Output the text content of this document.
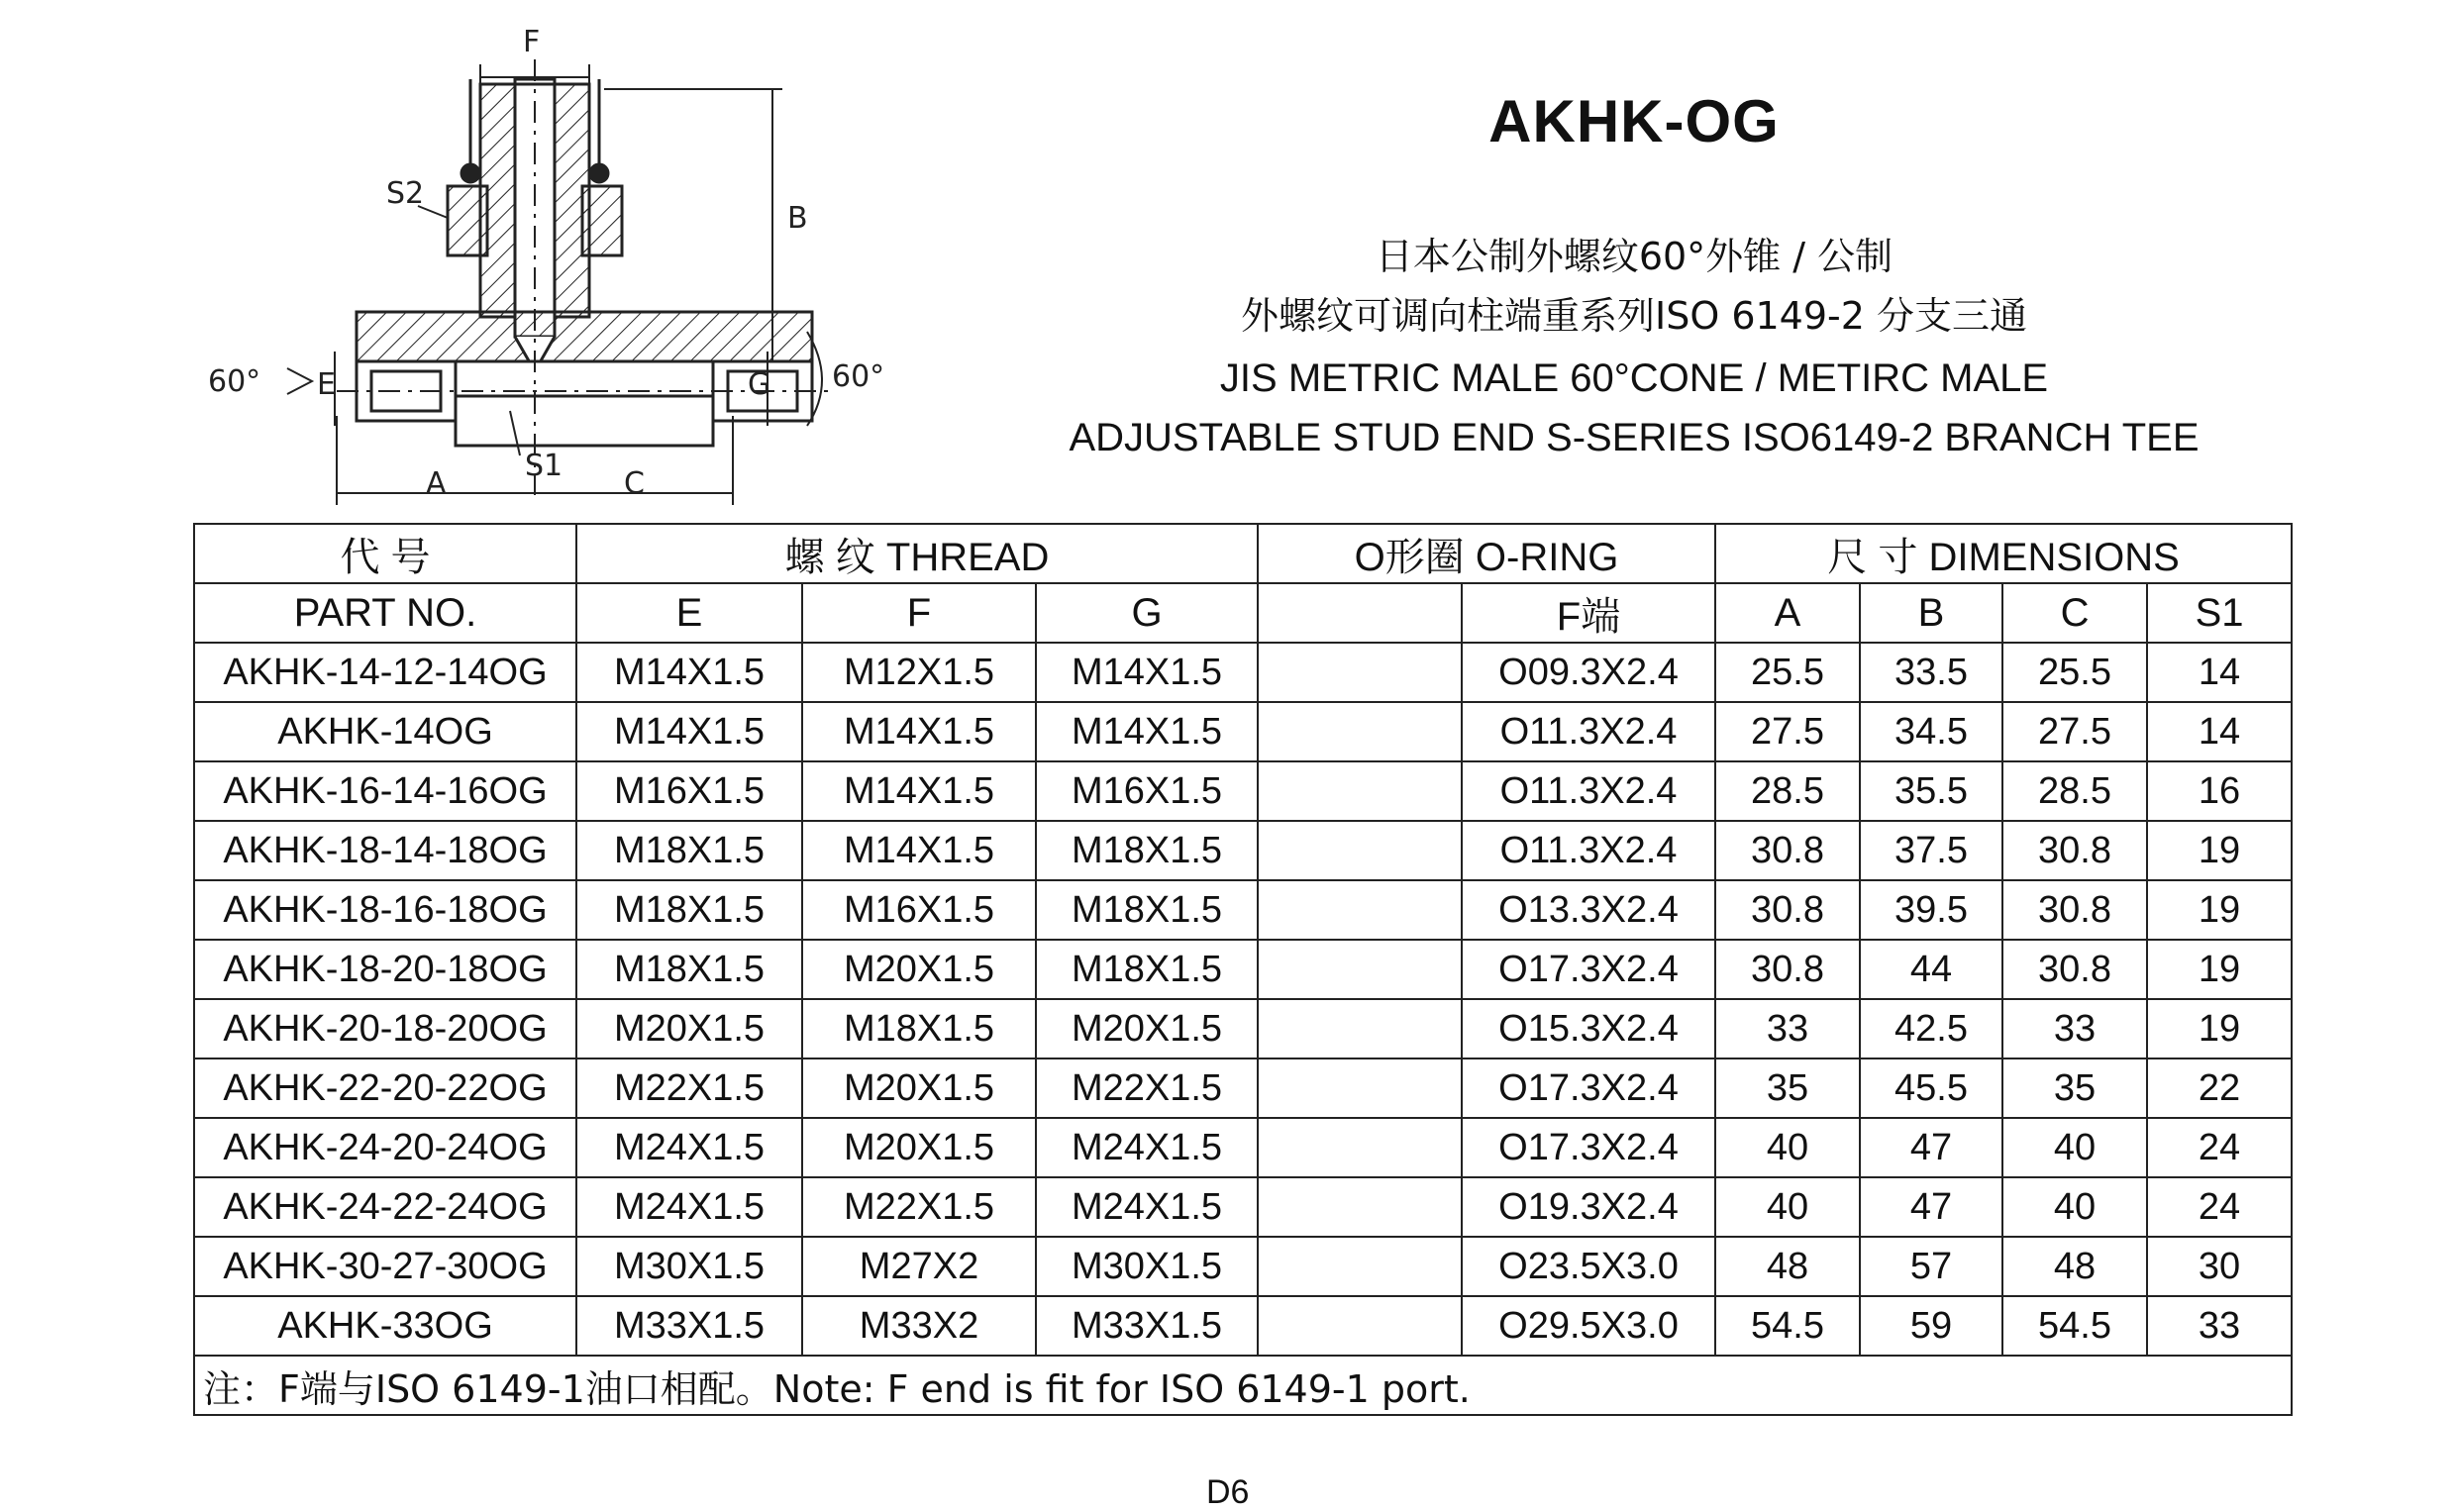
F
S2
B
E	G
S1
A	C
60°	60°
AKHK-OG
日本公制外螺纹60°外锥 / 公制
外螺纹可调向柱端重系列ISO 6149-2 分支三通
JIS METRIC MALE 60°CONE / METIRC MALE
ADJUSTABLE STUD END S-SERIES ISO6149-2 BRANCH TEE
代 号	螺 纹 THREAD			O形圈 O-RING		尺 寸 DIMENSIONS			
PART NO.	E	F	G		F端	A	B	C	S1
AKHK-14-12-14OG	M14X1.5	M12X1.5	M14X1.5		O09.3X2.4	25.5	33.5	25.5	14
AKHK-14OG	M14X1.5	M14X1.5	M14X1.5		O11.3X2.4	27.5	34.5	27.5	14
AKHK-16-14-16OG	M16X1.5	M14X1.5	M16X1.5		O11.3X2.4	28.5	35.5	28.5	16
AKHK-18-14-18OG	M18X1.5	M14X1.5	M18X1.5		O11.3X2.4	30.8	37.5	30.8	19
AKHK-18-16-18OG	M18X1.5	M16X1.5	M18X1.5		O13.3X2.4	30.8	39.5	30.8	19
AKHK-18-20-18OG	M18X1.5	M20X1.5	M18X1.5		O17.3X2.4	30.8	44	30.8	19
AKHK-20-18-20OG	M20X1.5	M18X1.5	M20X1.5		O15.3X2.4	33	42.5	33	19
AKHK-22-20-22OG	M22X1.5	M20X1.5	M22X1.5		O17.3X2.4	35	45.5	35	22
AKHK-24-20-24OG	M24X1.5	M20X1.5	M24X1.5		O17.3X2.4	40	47	40	24
AKHK-24-22-24OG	M24X1.5	M22X1.5	M24X1.5		O19.3X2.4	40	47	40	24
AKHK-30-27-30OG	M30X1.5	M27X2	M30X1.5		O23.5X3.0	48	57	48	30
AKHK-33OG	M33X1.5	M33X2	M33X1.5		O29.5X3.0	54.5	59	54.5	33
注：F端与ISO 6149-1油口相配。Note: F end is fit for ISO 6149-1 port.									
D6
